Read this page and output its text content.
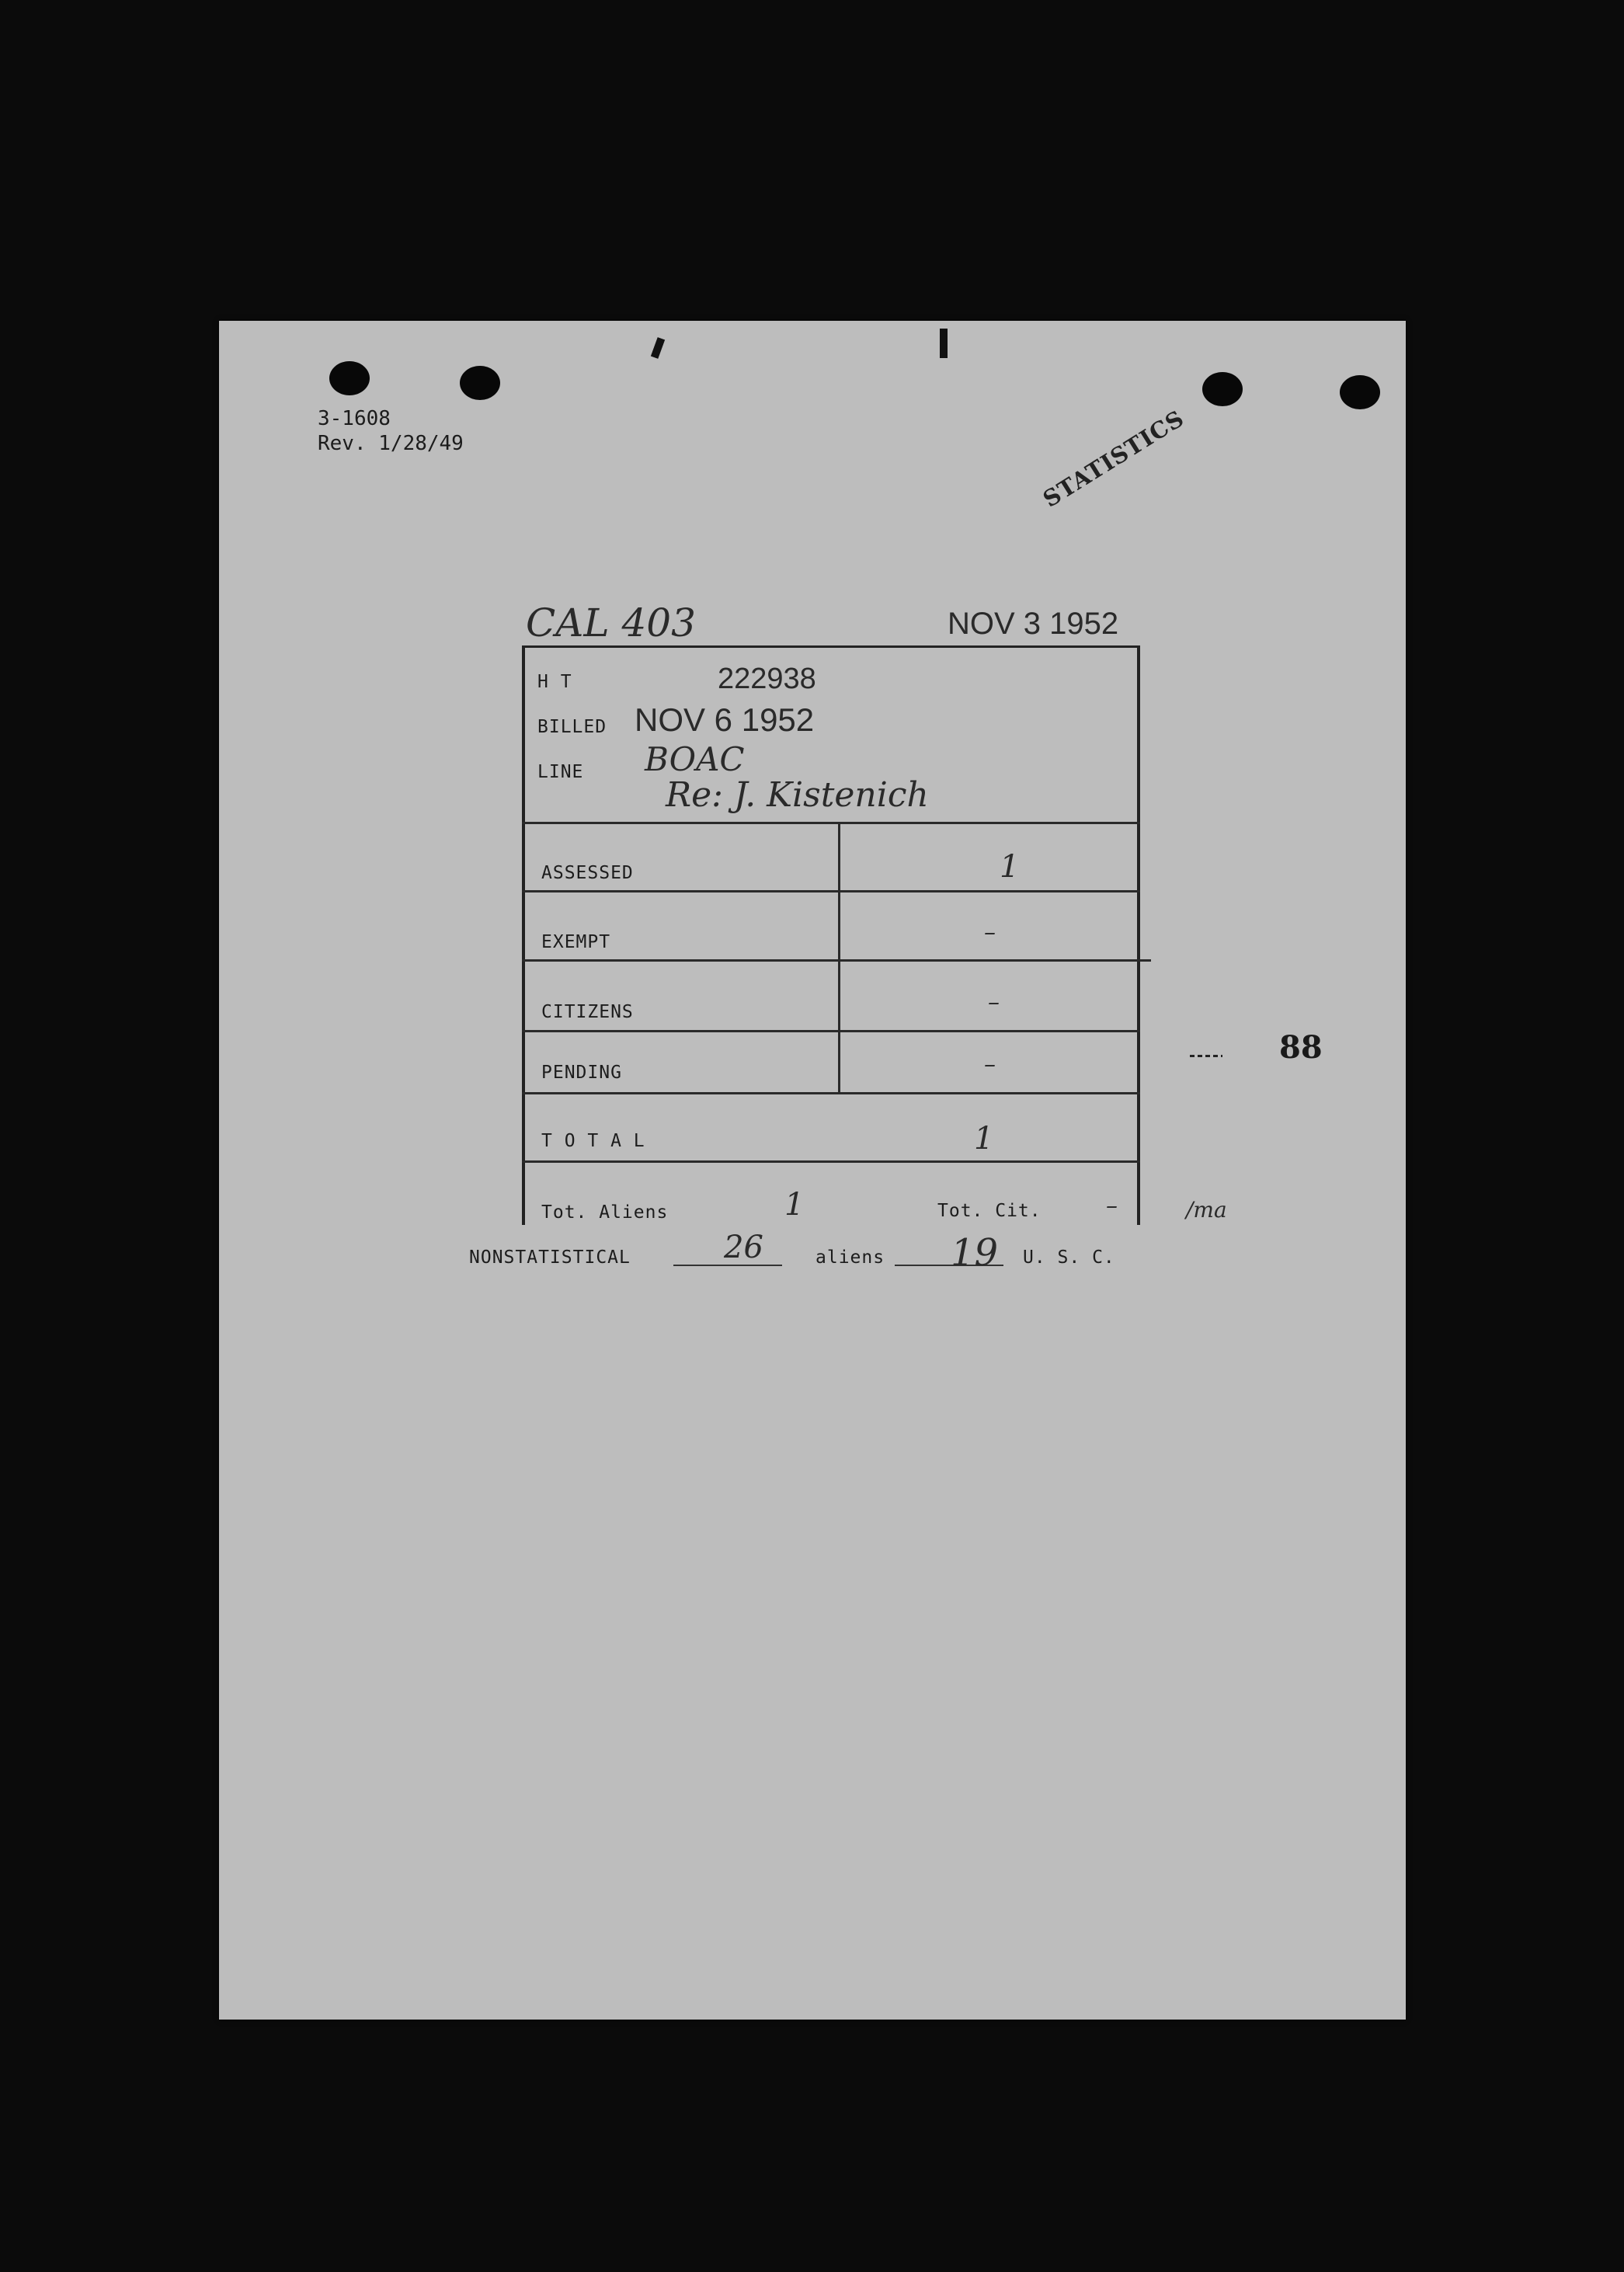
3-1608
Rev. 1/28/49	STATISTICS
CAL 403	NOV 3 1952
H T	222938
BILLED NOV 6 1952
LINE BOAC
Re: J. Kistenich
ASSESSED	1
EXEMPT	–
CITIZENS	–
PENDING	–
T O T A L	1
Tot. Aliens	1	Tot. Cit.	–	/ma
88
NONSTATISTICAL	26	aliens 19 U. S. C.
